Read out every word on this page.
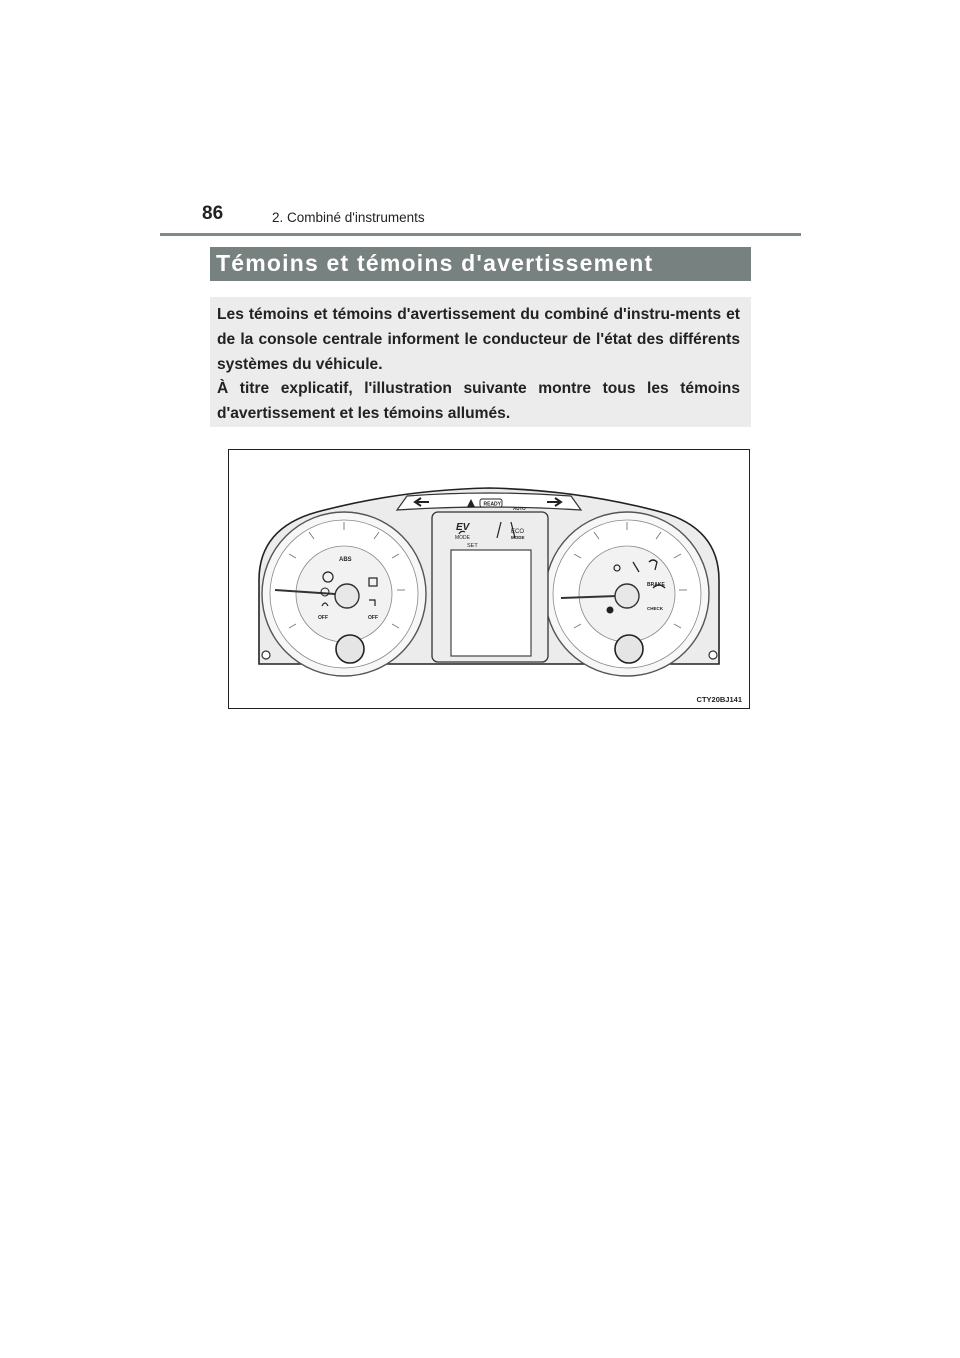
86	2. Combiné d'instruments
Témoins et témoins d'avertissement

Les témoins et témoins d'avertissement du combiné d'instru-ments et de la console centrale informent le conducteur de l'état des différents systèmes du véhicule.

À titre explicatif, l'illustration suivante montre tous les témoins d'avertissement et les témoins allumés.

READY
AUTO
ABS
OFF	OFF
EV
MODE
SET
ECO
MODE
BRAKE
CHECK
CTY20BJ141
